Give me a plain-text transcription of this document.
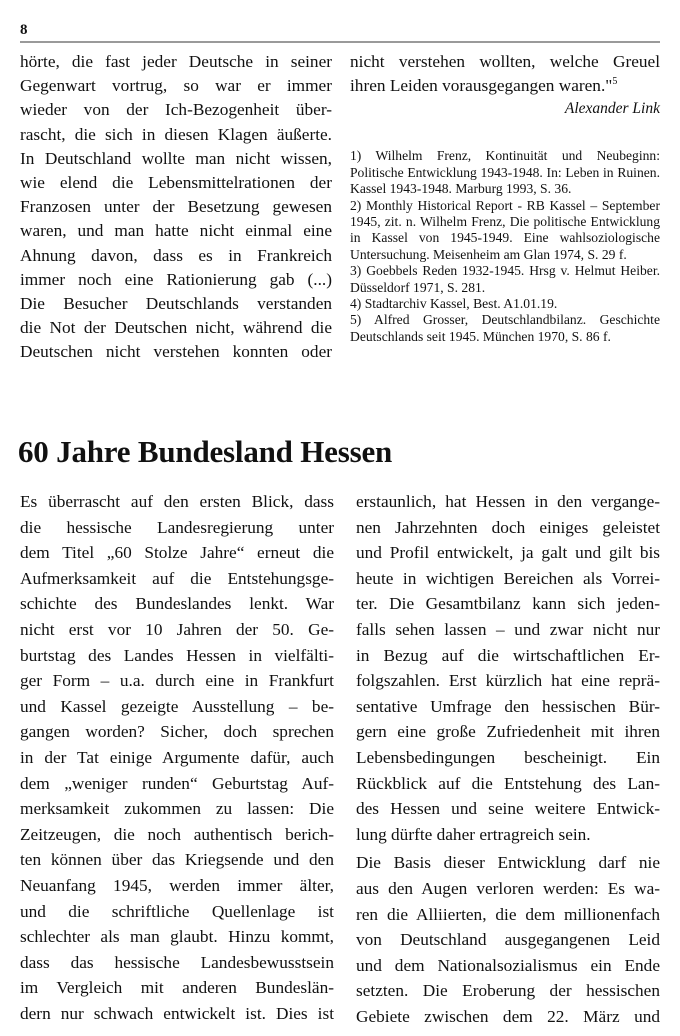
8
hörte, die fast jeder Deutsche in seiner
Gegenwart vortrug, so war er immer
wieder von der Ich-Bezogenheit über-
rascht, die sich in diesen Klagen äußerte.
In Deutschland wollte man nicht wissen,
wie elend die Lebensmittelrationen der
Franzosen unter der Besetzung gewesen
waren, und man hatte nicht einmal eine
Ahnung davon, dass es in Frankreich
immer noch eine Rationierung gab (...)
Die Besucher Deutschlands verstanden
die Not der Deutschen nicht, während die
Deutschen nicht verstehen konnten oder
nicht verstehen wollten, welche Greuel
ihren Leiden vorausgegangen waren."$^5$
Alexander Link
1) Wilhelm Frenz, Kontinuität und Neubeginn: Politische Entwicklung 1943-1948. In: Leben in Ruinen. Kassel 1943-1948. Marburg 1993, S. 36.
2) Monthly Historical Report - RB Kassel – September 1945, zit. n. Wilhelm Frenz, Die politische Entwicklung in Kassel von 1945-1949. Eine wahlsoziologische Untersuchung. Meisenheim am Glan 1974, S. 29 f.
3) Goebbels Reden 1932-1945. Hrsg v. Helmut Heiber. Düsseldorf 1971, S. 281.
4) Stadtarchiv Kassel, Best. A1.01.19.
5) Alfred Grosser, Deutschlandbilanz. Geschichte Deutschlands seit 1945. München 1970, S. 86 f.
60 Jahre Bundesland Hessen
Es überrascht auf den ersten Blick, dass
die hessische Landesregierung unter
dem Titel „60 Stolze Jahre“ erneut die
Aufmerksamkeit auf die Entstehungsge-
schichte des Bundeslandes lenkt. War
nicht erst vor 10 Jahren der 50. Ge-
burtstag des Landes Hessen in vielfälti-
ger Form – u.a. durch eine in Frankfurt
und Kassel gezeigte Ausstellung – be-
gangen worden? Sicher, doch sprechen
in der Tat einige Argumente dafür, auch
dem „weniger runden“ Geburtstag Auf-
merksamkeit zukommen zu lassen: Die
Zeitzeugen, die noch authentisch berich-
ten können über das Kriegsende und den
Neuanfang 1945, werden immer älter,
und die schriftliche Quellenlage ist
schlechter als man glaubt. Hinzu kommt,
dass das hessische Landesbewusstsein
im Vergleich mit anderen Bundeslän-
dern nur schwach entwickelt ist. Dies ist

erstaunlich, hat Hessen in den vergange-
nen Jahrzehnten doch einiges geleistet
und Profil entwickelt, ja galt und gilt bis
heute in wichtigen Bereichen als Vorrei-
ter. Die Gesamtbilanz kann sich jeden-
falls sehen lassen – und zwar nicht nur
in Bezug auf die wirtschaftlichen Er-
folgszahlen. Erst kürzlich hat eine reprä-
sentative Umfrage den hessischen Bür-
gern eine große Zufriedenheit mit ihren
Lebensbedingungen bescheinigt. Ein
Rückblick auf die Entstehung des Lan-
des Hessen und seine weitere Entwick-
lung dürfte daher ertragreich sein.

Die Basis dieser Entwicklung darf nie
aus den Augen verloren werden: Es wa-
ren die Alliierten, die dem millionenfach
von Deutschland ausgegangenen Leid
und dem Nationalsozialismus ein Ende
setzten. Die Eroberung der hessischen
Gebiete zwischen dem 22. März und
